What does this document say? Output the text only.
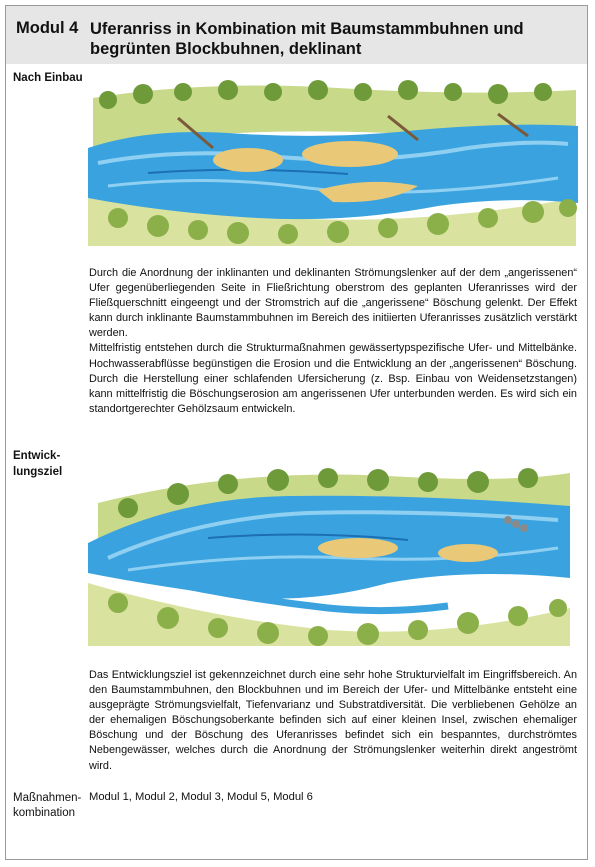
Modul 4 Uferanriss in Kombination mit Baumstammbuhnen und begrünten Blockbuhnen, deklinant
Nach Einbau

Durch die Anordnung der inklinanten und deklinanten Strömungslenker auf der dem „angerissenen“ Ufer gegenüberliegenden Seite in Fließrichtung oberstrom des geplanten Uferanrisses wird der Fließquerschnitt eingeengt und der Stromstrich auf die „angerissene“ Böschung gelenkt. Der Effekt kann durch inklinante Baumstammbuhnen im Bereich des initiierten Uferanrisses zusätzlich verstärkt werden.

Mittelfristig entstehen durch die Strukturmaßnahmen gewässertypspezifische Ufer- und Mittelbänke. Hochwasserabflüsse begünstigen die Erosion und die Entwicklung an der „angerissenen“ Böschung. Durch die Herstellung einer schlafenden Ufersicherung (z. Bsp. Einbau von Weidensetzstangen) kann mittelfristig die Böschungserosion am angerissenen Ufer unterbunden werden. Es wird sich ein standortgerechter Gehölzsaum entwickeln.

Entwick-
lungsziel

Das Entwicklungsziel ist gekennzeichnet durch eine sehr hohe Strukturvielfalt im Eingriffsbereich. An den Baumstammbuhnen, den Blockbuhnen und im Bereich der Ufer- und Mittelbänke entsteht eine ausgeprägte Strömungsvielfalt, Tiefenvarianz und Substratdiversität. Die verbliebenen Gehölze an der ehemaligen Böschungsoberkante befinden sich auf einer kleinen Insel, zwischen ehemaliger Böschung und der Böschung des Uferanrisses befindet sich ein bespanntes, durchströmtes Nebengewässer, welches durch die Anordnung der Strömungslenker weiterhin direkt angeströmt wird.

Maßnahmen-
kombination
Modul 1, Modul 2, Modul 3, Modul 5, Modul 6
